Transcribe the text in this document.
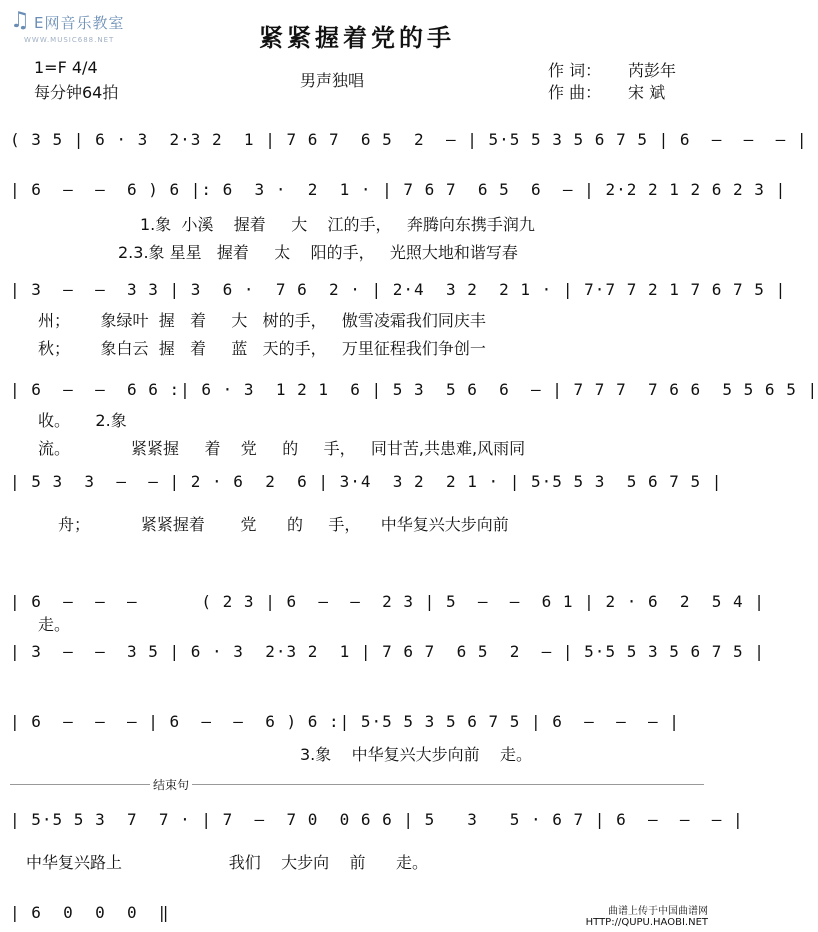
♫ E网音乐教室
WWW.MUSIC688.NET	紧紧握着党的手
1=F 4/4
每分钟64拍
男声独唱
作 词： 芮彭年
作 曲： 宋 斌
( 3 5 | 6 · 3  2·3 2  1 | 7 6 7  6 5  2  — | 5·5 5 3 5 6 7 5 | 6  —  —  — |
| 6  —  —  6 ) 6 |: 6  3 ·  2  1 · | 7 6 7  6 5  6  — | 2·2 2 1 2 6 2 3 |
| 3  —  —  3 3 | 3  6 ·  7 6  2 · | 2·4  3 2  2 1 · | 7·7 7 2 1 7 6 7 5 |
| 6  —  —  6 6 :| 6 · 3  1 2 1  6 | 5 3  5 6  6  — | 7 7 7  7 6 6  5 5 6 5 |
| 5 3  3  —  — | 2 · 6  2  6 | 3·4  3 2  2 1 · | 5·5 5 3  5 6 7 5 |
| 6  —  —  —      ( 2 3 | 6  —  —  2 3 | 5  —  —  6 1 | 2 · 6  2  5 4 |
| 3  —  —  3 5 | 6 · 3  2·3 2  1 | 7 6 7  6 5  2  — | 5·5 5 3 5 6 7 5 |
| 6  —  —  — | 6  —  —  6 ) 6 :| 5·5 5 3 5 6 7 5 | 6  —  —  — |
| 5·5 5 3  7  7 · | 7  —  7 0  0 6 6 | 5   3   5 · 6 7 | 6  —  —  — |
| 6  0  0  0  ‖
1.象  小溪    握着     大    江的手，   奔腾向东携手润九
2.3.象 星星   握着     太    阳的手，   光照大地和谐写春
州；      象绿叶  握   着     大   树的手，   傲雪凌霜我们同庆丰
秋；      象白云  握   着     蓝   天的手，   万里征程我们争创一
收。     2.象
流。            紧紧握     着    党     的     手，   同甘苦,共患难,风雨同
舟；          紧紧握着       党      的     手，    中华复兴大步向前
走。
3.象    中华复兴大步向前    走。
中华复兴路上                     我们    大步向    前      走。
结束句
曲谱上传于中国曲谱网
HTTP://QUPU.HAOBI.NET
